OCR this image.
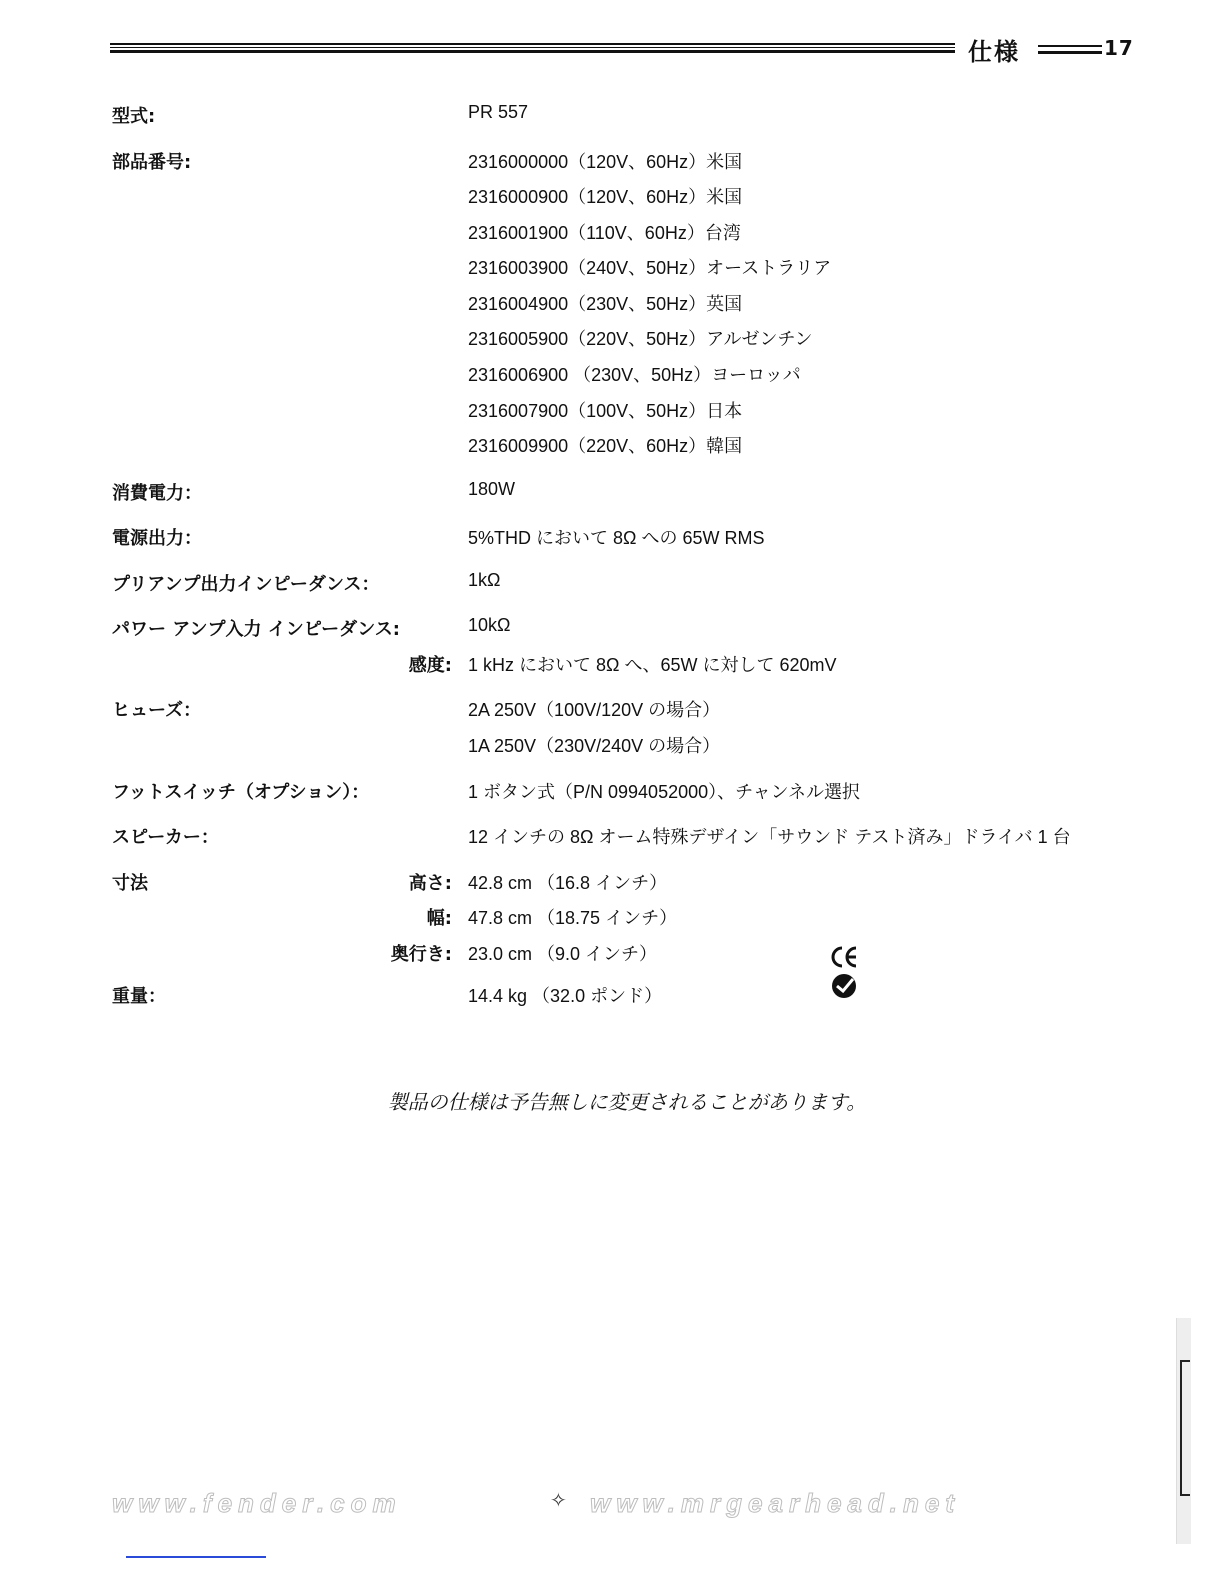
仕様	17
型式:	PR 557
部品番号:	2316000000（120V、60Hz）米国
2316000900（120V、60Hz）米国
2316001900（110V、60Hz）台湾
2316003900（240V、50Hz）オーストラリア
2316004900（230V、50Hz）英国
2316005900（220V、50Hz）アルゼンチン
2316006900 （230V、50Hz）ヨーロッパ
2316007900（100V、50Hz）日本
2316009900（220V、60Hz）韓国
消費電力：	180W
電源出力：	5%THD において 8Ω への 65W RMS
プリアンプ出力インピーダンス：	1kΩ
パワー アンプ入力 インピーダンス:	10kΩ
感度: 1 kHz において 8Ω へ、65W に対して 620mV
ヒューズ：	2A 250V（100V/120V の場合）
1A 250V（230V/240V の場合）
フットスイッチ（オプション）：	1 ボタン式（P/N 0994052000）、チャンネル選択
スピーカー：	12 インチの 8Ω オーム特殊デザイン「サウンド テスト済み」ドライバ 1 台
寸法	高さ: 42.8 cm （16.8 インチ）
幅: 47.8 cm （18.75 インチ）
奥行き: 23.0 cm （9.0 インチ）
重量：	14.4 kg （32.0 ポンド）
製品の仕様は予告無しに変更されることがあります。
www.fender.com	✧ www.mrgearhead.net
